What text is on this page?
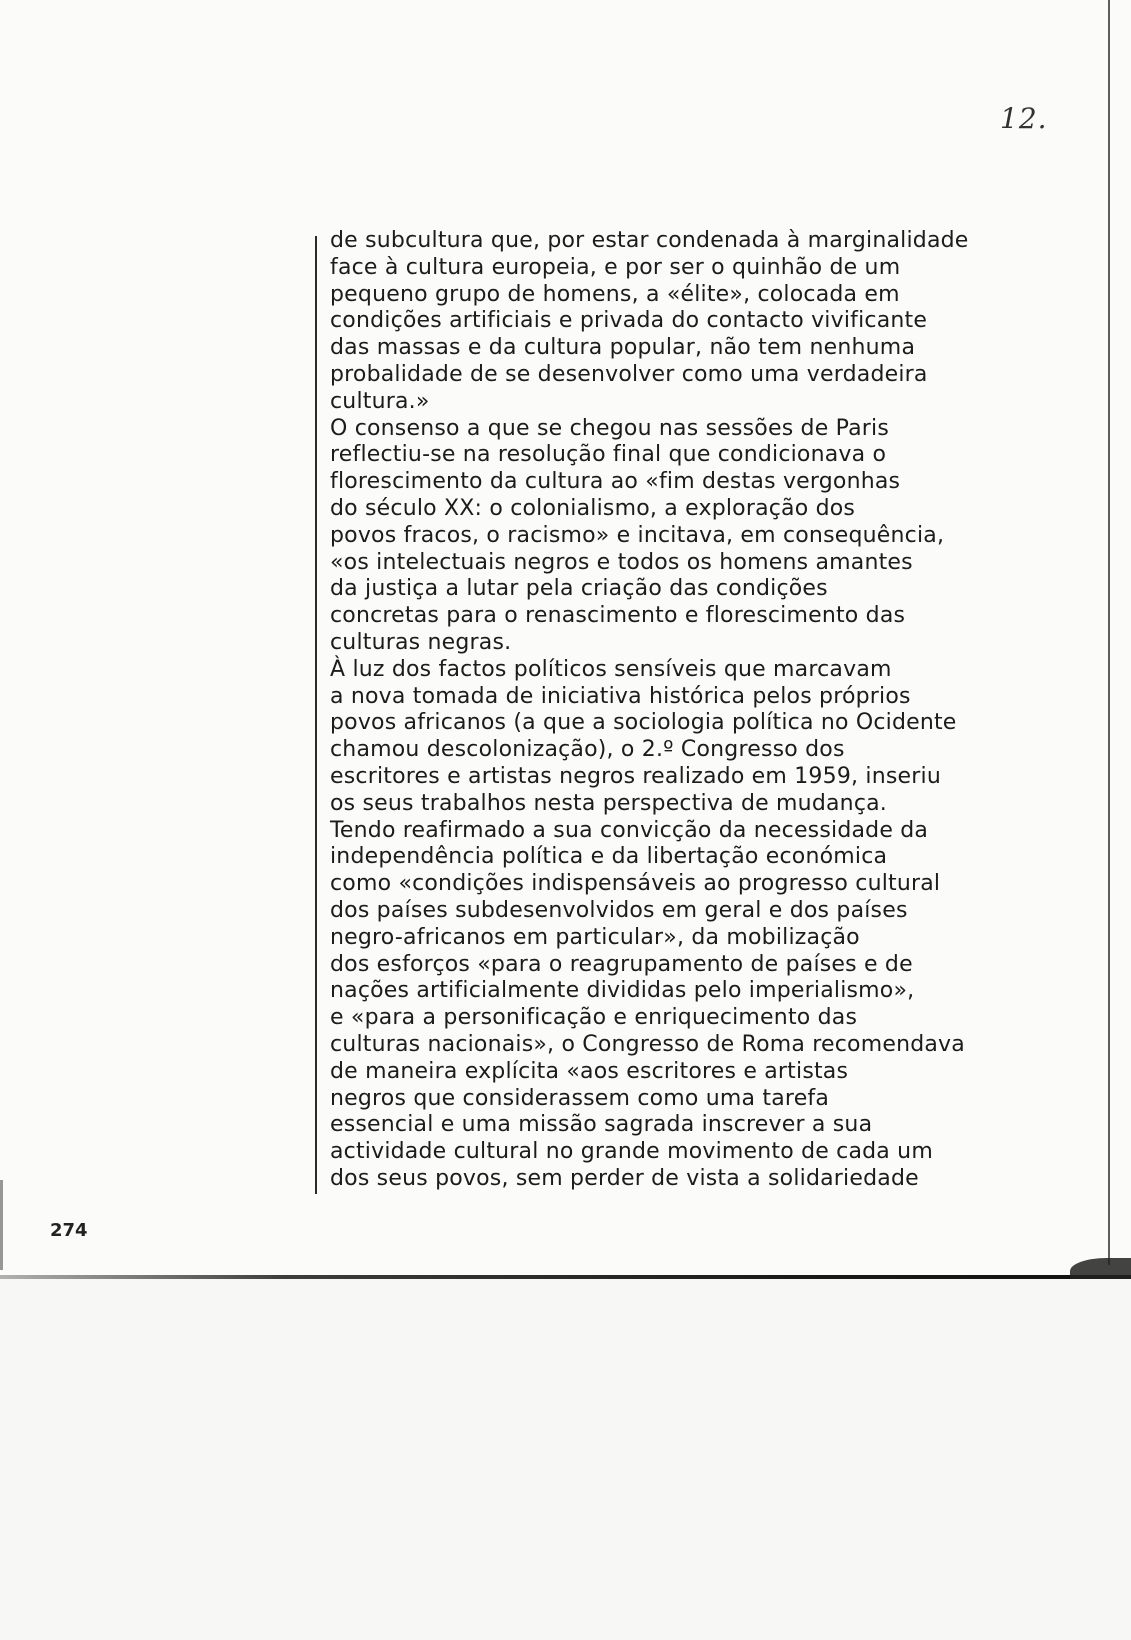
12.
de subcultura que, por estar condenada à marginalidade
face à cultura europeia, e por ser o quinhão de um
pequeno grupo de homens, a «élite», colocada em
condições artificiais e privada do contacto vivificante
das massas e da cultura popular, não tem nenhuma
probalidade de se desenvolver como uma verdadeira
cultura.»
O consenso a que se chegou nas sessões de Paris
reflectiu-se na resolução final que condicionava o
florescimento da cultura ao «fim destas vergonhas
do século XX: o colonialismo, a exploração dos
povos fracos, o racismo» e incitava, em consequência,
«os intelectuais negros e todos os homens amantes
da justiça a lutar pela criação das condições
concretas para o renascimento e florescimento das
culturas negras.
À luz dos factos políticos sensíveis que marcavam
a nova tomada de iniciativa histórica pelos próprios
povos africanos (a que a sociologia política no Ocidente
chamou descolonização), o 2.º Congresso dos
escritores e artistas negros realizado em 1959, inseriu
os seus trabalhos nesta perspectiva de mudança.
Tendo reafirmado a sua convicção da necessidade da
independência política e da libertação económica
como «condições indispensáveis ao progresso cultural
dos países subdesenvolvidos em geral e dos países
negro-africanos em particular», da mobilização
dos esforços «para o reagrupamento de países e de
nações artificialmente divididas pelo imperialismo»,
e «para a personificação e enriquecimento das
culturas nacionais», o Congresso de Roma recomendava
de maneira explícita «aos escritores e artistas
negros que considerassem como uma tarefa
essencial e uma missão sagrada inscrever a sua
actividade cultural no grande movimento de cada um
dos seus povos, sem perder de vista a solidariedade
274
